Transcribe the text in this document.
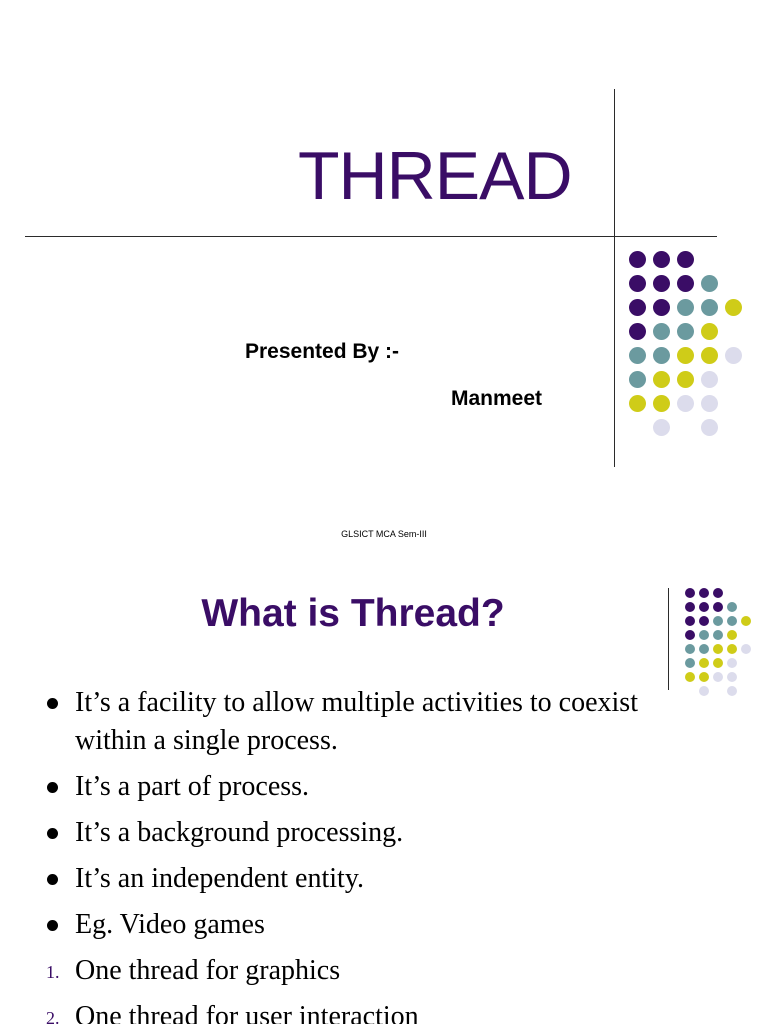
THREAD
Presented By :-
Manmeet
GLSICT MCA Sem-III
What is Thread?
It’s a facility to allow multiple activities to coexist
within a single process.
It’s a part of process.
It’s a background processing.
It’s an independent entity.
Eg. Video games
1. One thread for graphics
2. One thread for user interaction
